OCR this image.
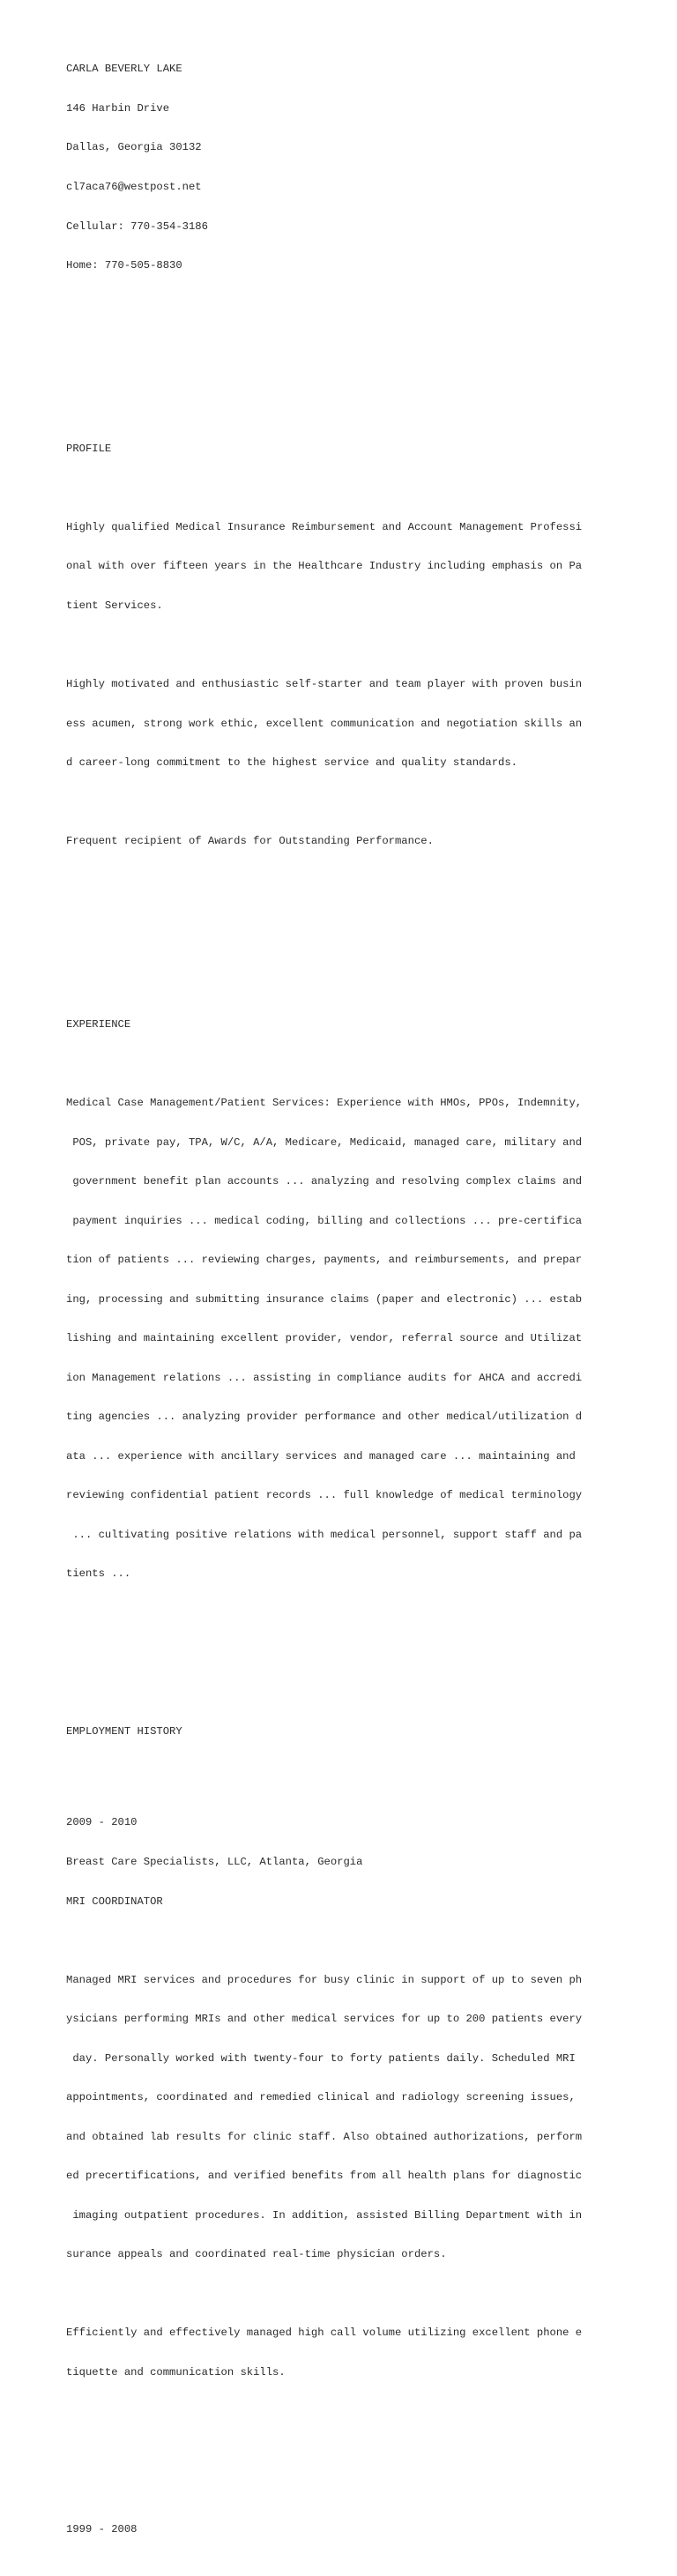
CARLA BEVERLY LAKE

146 Harbin Drive

Dallas, Georgia 30132

cl7aca76@westpost.net

Cellular: 770-354-3186

Home: 770-505-8830

PROFILE

Highly qualified Medical Insurance Reimbursement and Account Management Professi

onal with over fifteen years in the Healthcare Industry including emphasis on Pa

tient Services.

Highly motivated and enthusiastic self-starter and team player with proven busin

ess acumen, strong work ethic, excellent communication and negotiation skills an

d career-long commitment to the highest service and quality standards.

Frequent recipient of Awards for Outstanding Performance.

EXPERIENCE

Medical Case Management/Patient Services: Experience with HMOs, PPOs, Indemnity,

POS, private pay, TPA, W/C, A/A, Medicare, Medicaid, managed care, military and

government benefit plan accounts ... analyzing and resolving complex claims and

payment inquiries ... medical coding, billing and collections ... pre-certifica

tion of patients ... reviewing charges, payments, and reimbursements, and prepar

ing, processing and submitting insurance claims (paper and electronic) ... estab

lishing and maintaining excellent provider, vendor, referral source and Utilizat

ion Management relations ... assisting in compliance audits for AHCA and accredi

ting agencies ... analyzing provider performance and other medical/utilization d

ata ... experience with ancillary services and managed care ... maintaining and

reviewing confidential patient records ... full knowledge of medical terminology

... cultivating positive relations with medical personnel, support staff and pa

tients ...

EMPLOYMENT HISTORY

2009 - 2010

Breast Care Specialists, LLC, Atlanta, Georgia

MRI COORDINATOR

Managed MRI services and procedures for busy clinic in support of up to seven ph

ysicians performing MRIs and other medical services for up to 200 patients every

day. Personally worked with twenty-four to forty patients daily. Scheduled MRI

appointments, coordinated and remedied clinical and radiology screening issues,

and obtained lab results for clinic staff. Also obtained authorizations, perform

ed precertifications, and verified benefits from all health plans for diagnostic

imaging outpatient procedures. In addition, assisted Billing Department with in

surance appeals and coordinated real-time physician orders.

Efficiently and effectively managed high call volume utilizing excellent phone e

tiquette and communication skills.

1999 - 2008
